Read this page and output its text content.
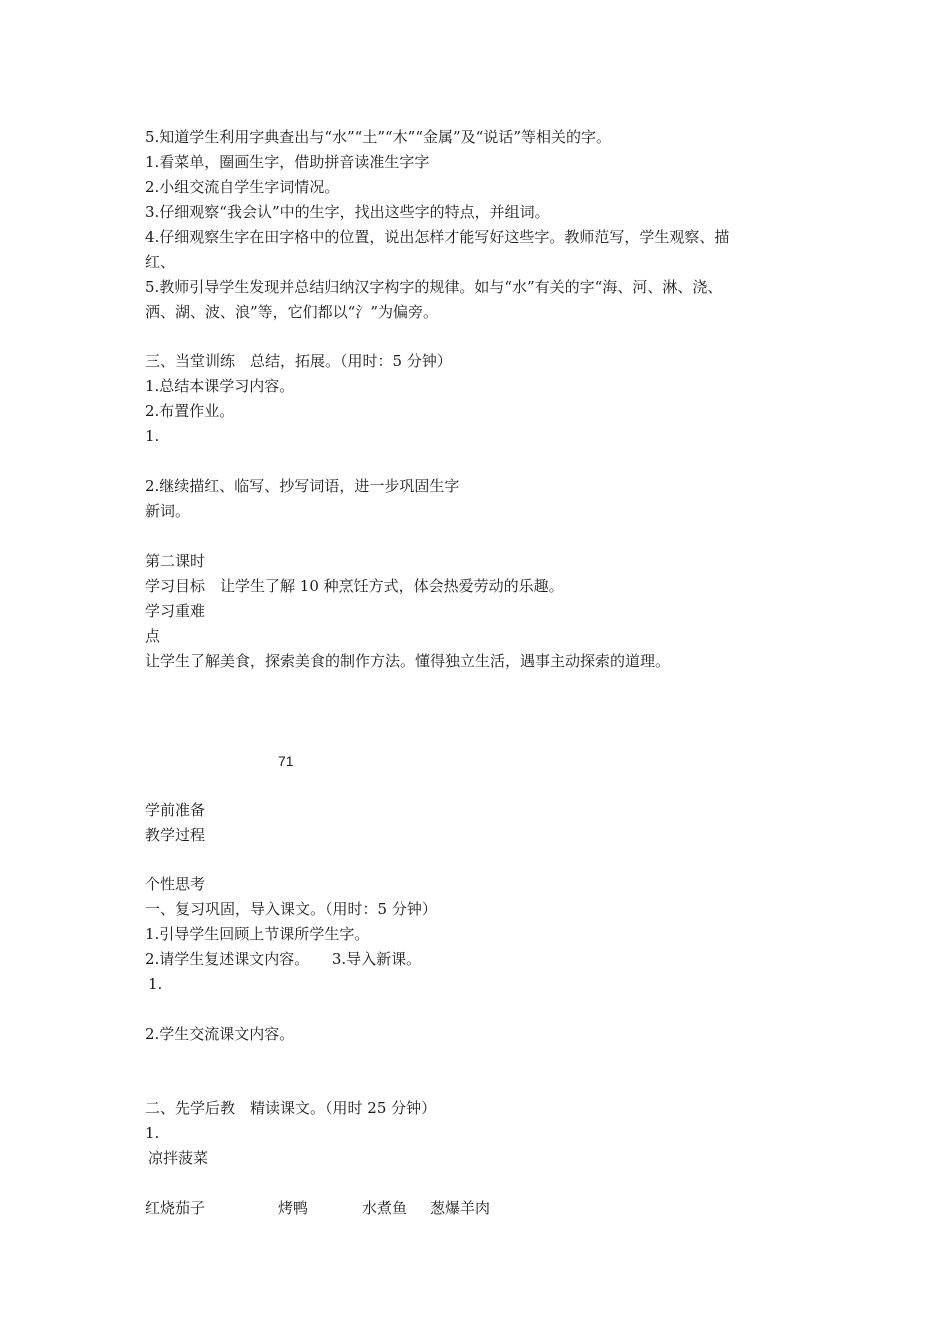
5.知道学生利用字典查出与“水”“土”“木”“金属”及“说话”等相关的字。
1.看菜单，圈画生字，借助拼音读准生字字
2.小组交流自学生字词情况。
3.仔细观察“我会认”中的生字，找出这些字的特点，并组词。
4.仔细观察生字在田字格中的位置，说出怎样才能写好这些字。教师范写，学生观察、描
红、
5.教师引导学生发现并总结归纳汉字构字的规律。如与“水”有关的字“海、河、淋、浇、
洒、湖、波、浪”等，它们都以“氵”为偏旁。
三、当堂训练　总结，拓展。（用时：5 分钟）
1.总结本课学习内容。
2.布置作业。
1.
2.继续描红、临写、抄写词语，进一步巩固生字
新词。
第二课时
学习目标　让学生了解 10 种烹饪方式，体会热爱劳动的乐趣。
学习重难
点
让学生了解美食，探索美食的制作方法。懂得独立生活，遇事主动探索的道理。
71
学前准备
教学过程
个性思考
一、复习巩固，导入课文。（用时：5 分钟）
1.引导学生回顾上节课所学生字。
2.请学生复述课文内容。　　3.导入新课。
1.
2.学生交流课文内容。
二、先学后教　精读课文。（用时 25 分钟）
1.
凉拌菠菜
红烧茄子	烤鸭	水煮鱼 葱爆羊肉
